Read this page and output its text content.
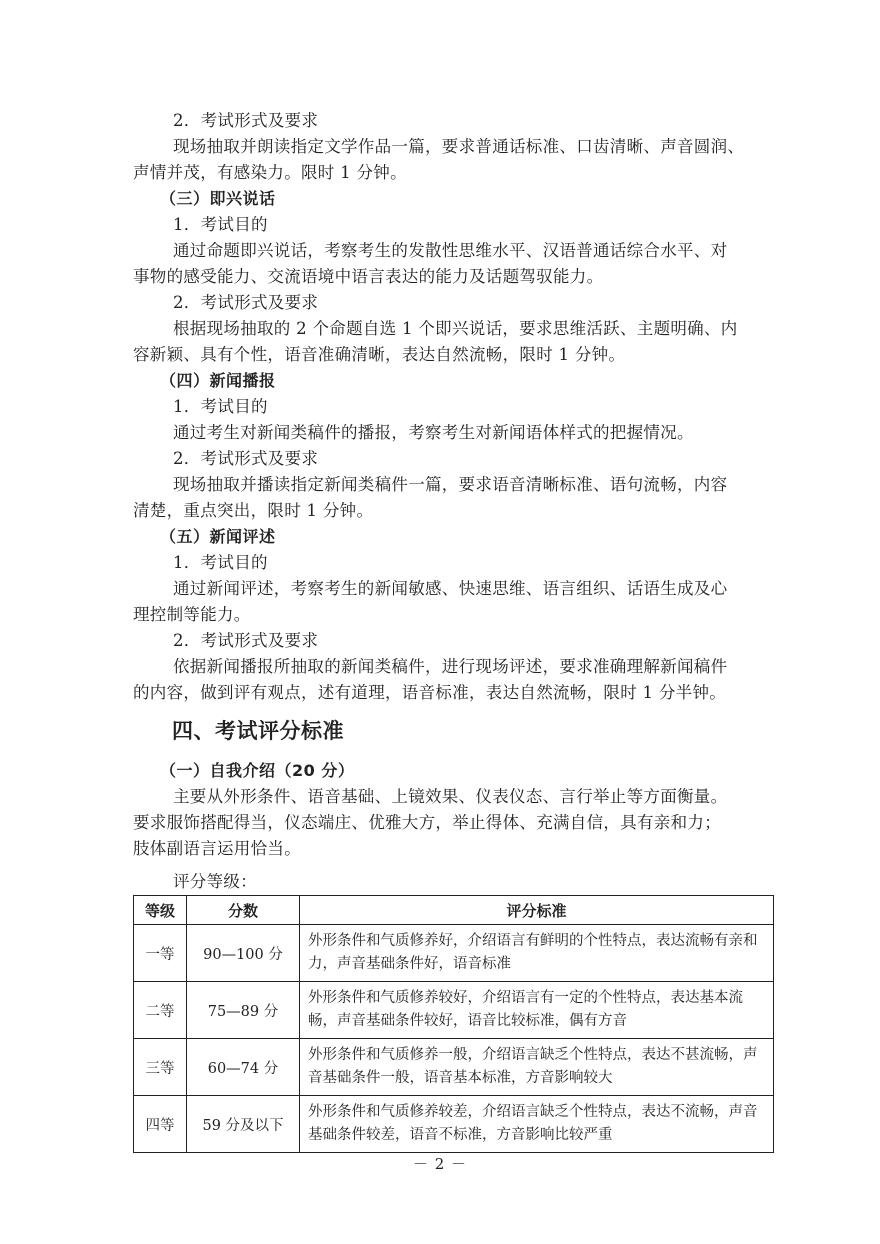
2．考试形式及要求
现场抽取并朗读指定文学作品一篇，要求普通话标准、口齿清晰、声音圆润、
声情并茂，有感染力。限时 1 分钟。
（三）即兴说话
1．考试目的
通过命题即兴说话，考察考生的发散性思维水平、汉语普通话综合水平、对
事物的感受能力、交流语境中语言表达的能力及话题驾驭能力。
2．考试形式及要求
根据现场抽取的 2 个命题自选 1 个即兴说话，要求思维活跃、主题明确、内
容新颖、具有个性，语音准确清晰，表达自然流畅，限时 1 分钟。
（四）新闻播报
1．考试目的
通过考生对新闻类稿件的播报，考察考生对新闻语体样式的把握情况。
2．考试形式及要求
现场抽取并播读指定新闻类稿件一篇，要求语音清晰标准、语句流畅，内容
清楚，重点突出，限时 1 分钟。
（五）新闻评述
1．考试目的
通过新闻评述，考察考生的新闻敏感、快速思维、语言组织、话语生成及心
理控制等能力。
2．考试形式及要求
依据新闻播报所抽取的新闻类稿件，进行现场评述，要求准确理解新闻稿件
的内容，做到评有观点，述有道理，语音标准，表达自然流畅，限时 1 分半钟。
四、考试评分标准
（一）自我介绍（20 分）
主要从外形条件、语音基础、上镜效果、仪表仪态、言行举止等方面衡量。
要求服饰搭配得当，仪态端庄、优雅大方，举止得体、充满自信，具有亲和力；
肢体副语言运用恰当。
评分等级：
等级	分数	评分标准
一等	90—100 分	外形条件和气质修养好，介绍语言有鲜明的个性特点，表达流畅有亲和力，声音基础条件好，语音标准
二等	75—89 分	外形条件和气质修养较好，介绍语言有一定的个性特点，表达基本流畅，声音基础条件较好，语音比较标准，偶有方音
三等	60—74 分	外形条件和气质修养一般，介绍语言缺乏个性特点，表达不甚流畅，声音基础条件一般，语音基本标准，方音影响较大
四等	59 分及以下	外形条件和气质修养较差，介绍语言缺乏个性特点，表达不流畅，声音基础条件较差，语音不标准，方音影响比较严重
－ 2 －
